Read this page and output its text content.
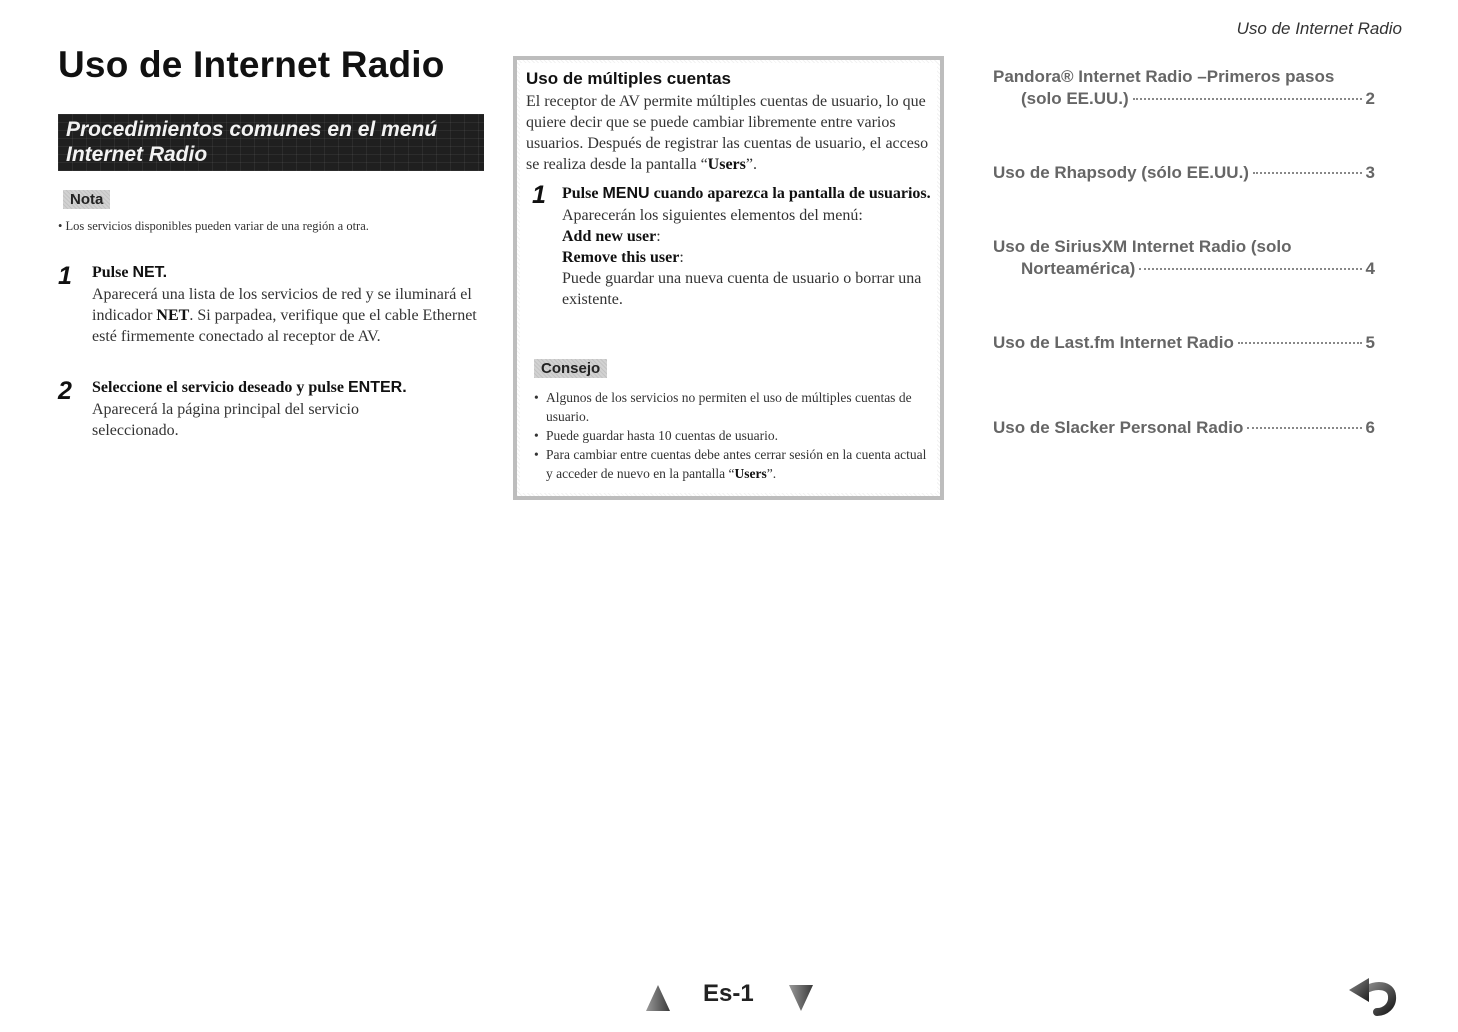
Uso de Internet Radio
Uso de Internet Radio
Procedimientos comunes en el menú
Internet Radio
Nota
• Los servicios disponibles pueden variar de una región a otra.
1 Pulse NET.
Aparecerá una lista de los servicios de red y se iluminará el indicador NET. Si parpadea, verifique que el cable Ethernet esté firmemente conectado al receptor de AV.
2 Seleccione el servicio deseado y pulse ENTER.
Aparecerá la página principal del servicio seleccionado.
Uso de múltiples cuentas
El receptor de AV permite múltiples cuentas de usuario, lo que quiere decir que se puede cambiar libremente entre varios usuarios. Después de registrar las cuentas de usuario, el acceso se realiza desde la pantalla “Users”.
1 Pulse MENU cuando aparezca la pantalla de usuarios.
Aparecerán los siguientes elementos del menú:
Add new user:
Remove this user:
Puede guardar una nueva cuenta de usuario o borrar una existente.
Consejo
• Algunos de los servicios no permiten el uso de múltiples cuentas de usuario.
• Puede guardar hasta 10 cuentas de usuario.
• Para cambiar entre cuentas debe antes cerrar sesión en la cuenta actual y acceder de nuevo en la pantalla “Users”.
Pandora® Internet Radio –Primeros pasos
(solo EE.UU.)	2
Uso de Rhapsody (sólo EE.UU.)	3
Uso de SiriusXM Internet Radio (solo
Norteamérica)	4
Uso de Last.fm Internet Radio	5
Uso de Slacker Personal Radio	6
Es-1
